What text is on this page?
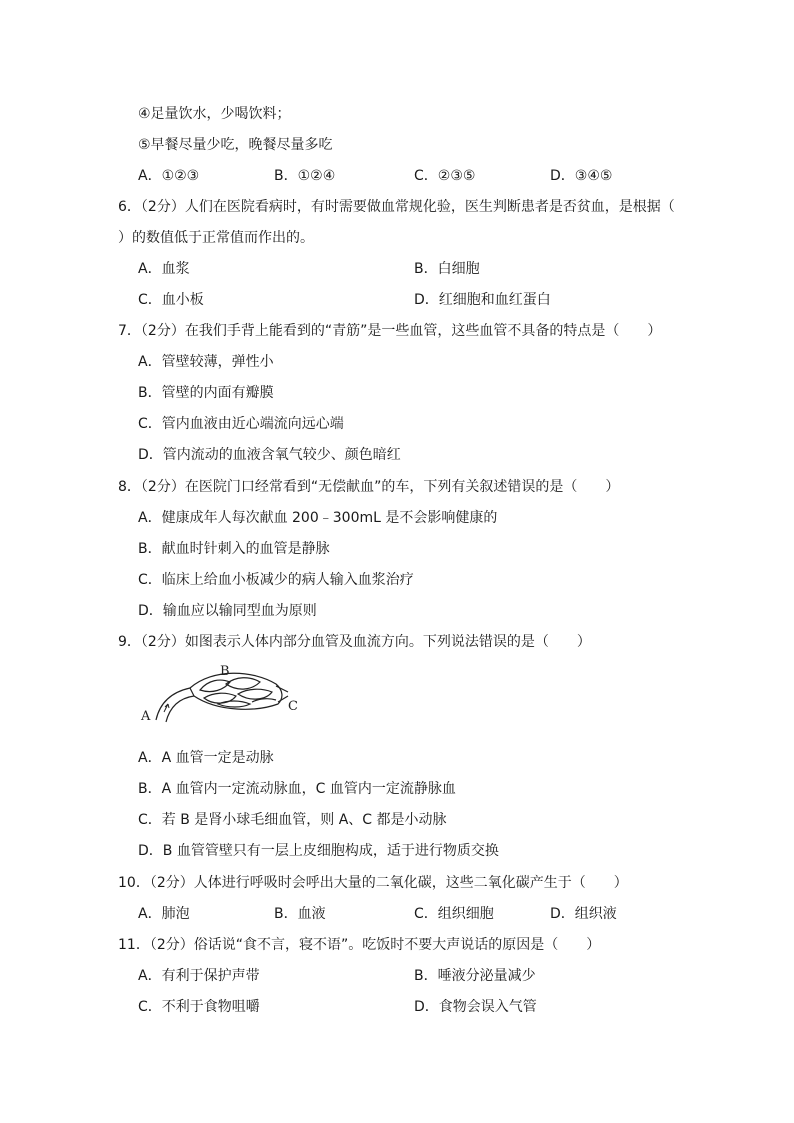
④足量饮水，少喝饮料；
⑤早餐尽量少吃，晚餐尽量多吃
A．①②③	B．①②④	C．②③⑤	D．③④⑤
6．（2分）人们在医院看病时，有时需要做血常规化验，医生判断患者是否贫血，是根据（
）的数值低于正常值而作出的。
A．血浆	B．白细胞
C．血小板	D．红细胞和血红蛋白
7．（2分）在我们手背上能看到的“青筋”是一些血管，这些血管不具备的特点是（　　）
A．管壁较薄，弹性小
B．管壁的内面有瓣膜
C．管内血液由近心端流向远心端
D．管内流动的血液含氧气较少、颜色暗红
8．（2分）在医院门口经常看到“无偿献血”的车，下列有关叙述错误的是（　　）
A．健康成年人每次献血 200﹣300mL 是不会影响健康的
B．献血时针刺入的血管是静脉
C．临床上给血小板减少的病人输入血浆治疗
D．输血应以输同型血为原则
9．（2分）如图表示人体内部分血管及血流方向。下列说法错误的是（　　）
B
A
C
A．A 血管一定是动脉
B．A 血管内一定流动脉血，C 血管内一定流静脉血
C．若 B 是肾小球毛细血管，则 A、C 都是小动脉
D．B 血管管壁只有一层上皮细胞构成，适于进行物质交换
10．（2分）人体进行呼吸时会呼出大量的二氧化碳，这些二氧化碳产生于（　　）
A．肺泡	B．血液	C．组织细胞	D．组织液
11．（2分）俗话说“食不言，寝不语”。吃饭时不要大声说话的原因是（　　）
A．有利于保护声带	B．唾液分泌量减少
C．不利于食物咀嚼	D．食物会误入气管
